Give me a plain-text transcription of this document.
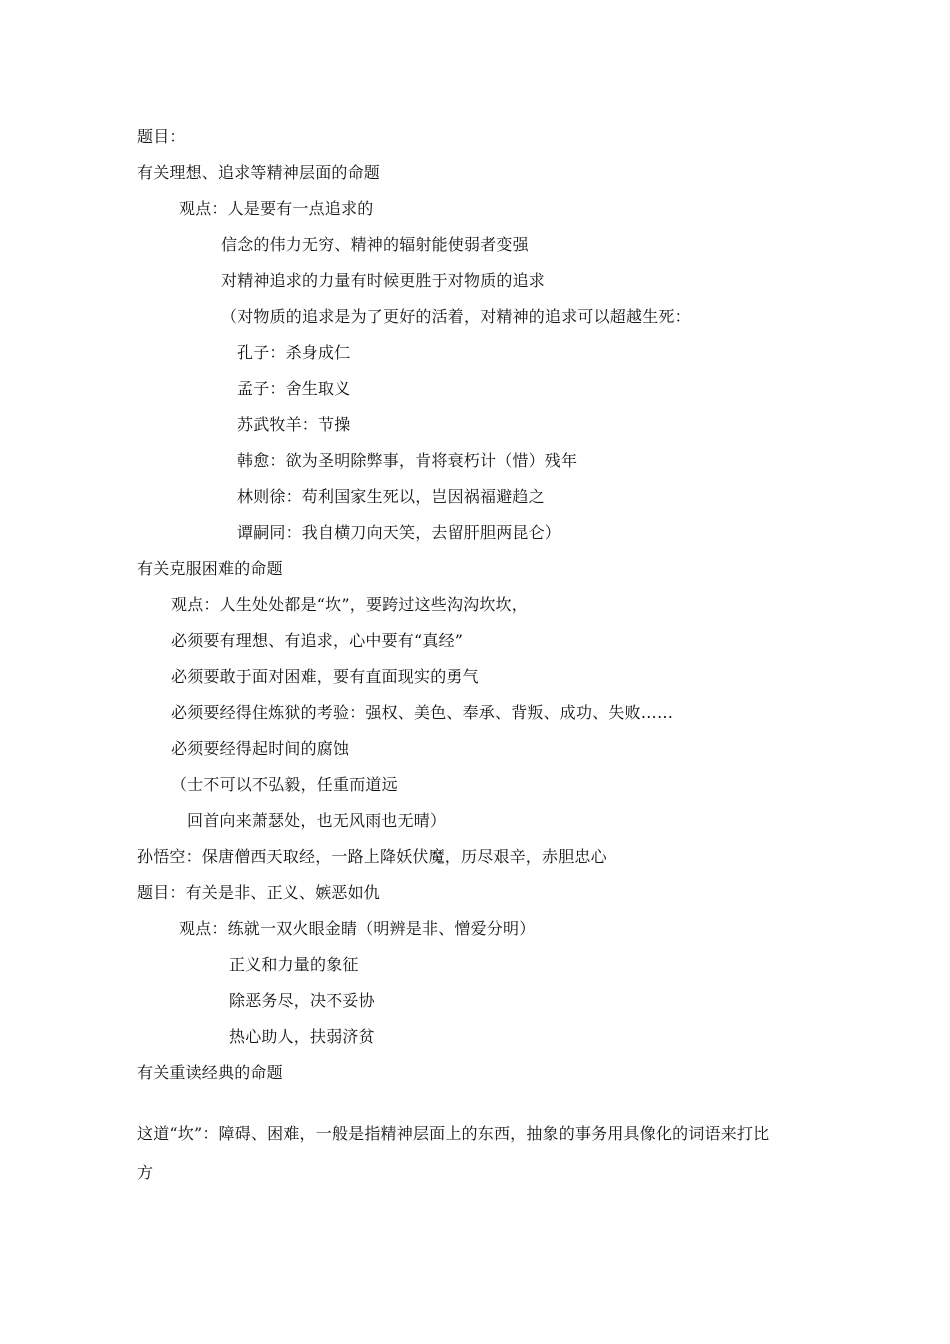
题目：
有关理想、追求等精神层面的命题
观点：人是要有一点追求的
信念的伟力无穷、精神的辐射能使弱者变强
对精神追求的力量有时候更胜于对物质的追求
（对物质的追求是为了更好的活着，对精神的追求可以超越生死：
孔子：杀身成仁
孟子：舍生取义
苏武牧羊：节操
韩愈：欲为圣明除弊事，肯将衰朽计（惜）残年
林则徐：苟利国家生死以，岂因祸福避趋之
谭嗣同：我自横刀向天笑，去留肝胆两昆仑）
有关克服困难的命题
观点：人生处处都是“坎”，要跨过这些沟沟坎坎，
必须要有理想、有追求，心中要有“真经”
必须要敢于面对困难，要有直面现实的勇气
必须要经得住炼狱的考验：强权、美色、奉承、背叛、成功、失败……
必须要经得起时间的腐蚀
（士不可以不弘毅，任重而道远
回首向来萧瑟处，也无风雨也无晴）
孙悟空：保唐僧西天取经，一路上降妖伏魔，历尽艰辛，赤胆忠心
题目：有关是非、正义、嫉恶如仇
观点：练就一双火眼金睛（明辨是非、憎爱分明）
正义和力量的象征
除恶务尽，决不妥协
热心助人，扶弱济贫
有关重读经典的命题
这道“坎”：障碍、困难，一般是指精神层面上的东西，抽象的事务用具像化的词语来打比
方
